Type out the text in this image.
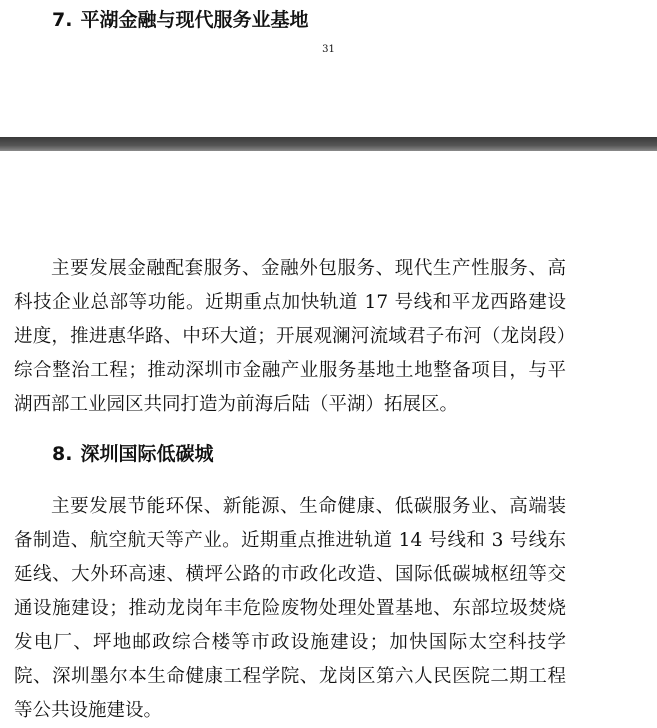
7. 平湖金融与现代服务业基地
31

主要发展金融配套服务、金融外包服务、现代生产性服务、高科技企业总部等功能。近期重点加快轨道 17 号线和平龙西路建设进度，推进惠华路、中环大道；开展观澜河流域君子布河（龙岗段）综合整治工程；推动深圳市金融产业服务基地土地整备项目，与平湖西部工业园区共同打造为前海后陆（平湖）拓展区。

8. 深圳国际低碳城

主要发展节能环保、新能源、生命健康、低碳服务业、高端装备制造、航空航天等产业。近期重点推进轨道 14 号线和 3 号线东延线、大外环高速、横坪公路的市政化改造、国际低碳城枢纽等交通设施建设；推动龙岗年丰危险废物处理处置基地、东部垃圾焚烧发电厂、坪地邮政综合楼等市政设施建设；加快国际太空科技学院、深圳墨尔本生命健康工程学院、龙岗区第六人民医院二期工程等公共设施建设。
